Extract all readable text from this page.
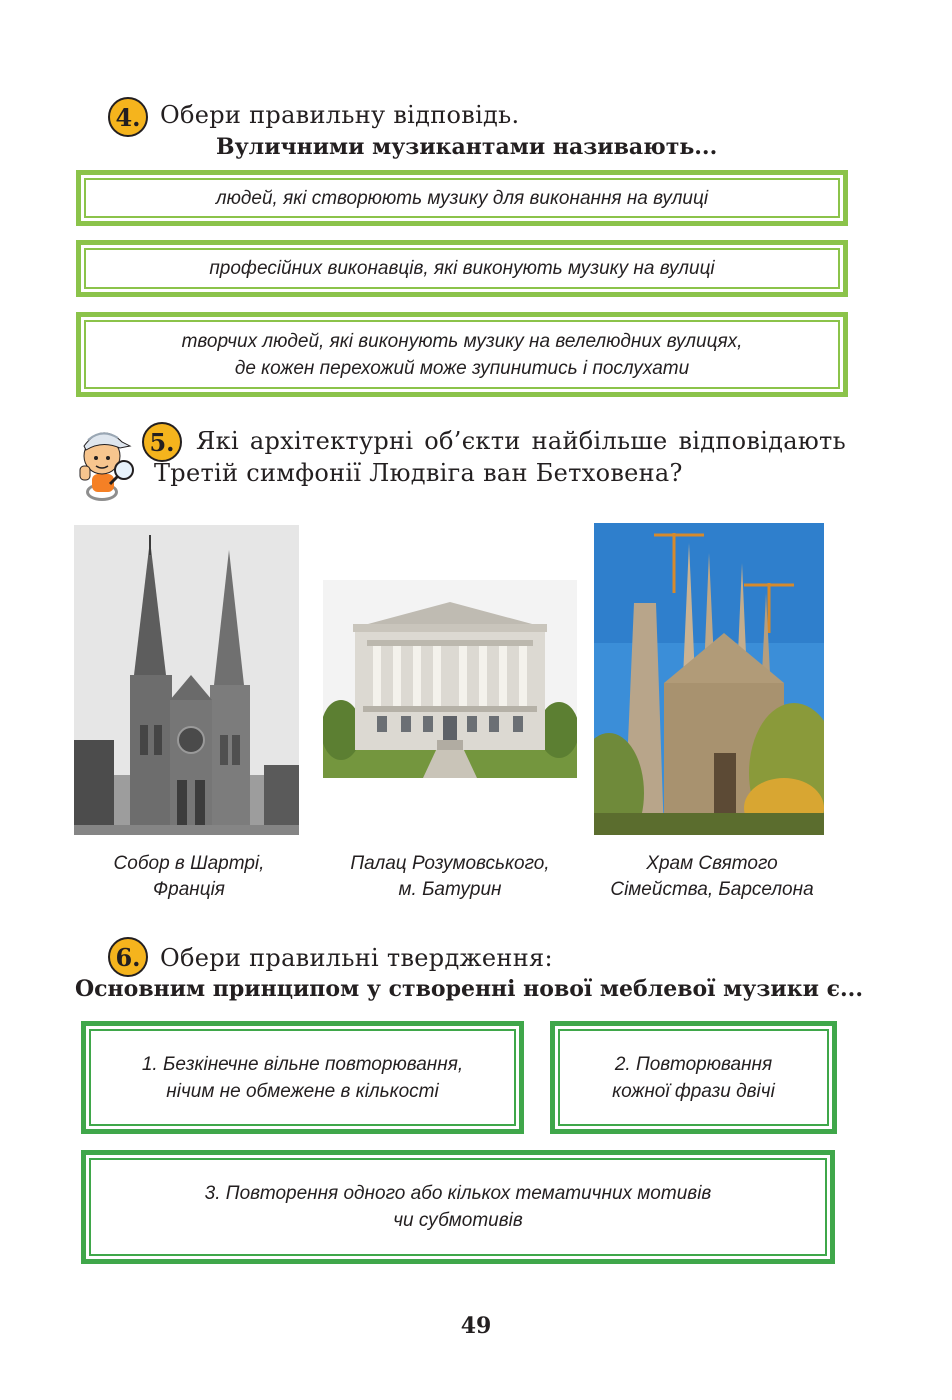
4. Обери правильну відповідь.
Вуличними музикантами називають...
людей, які створюють музику для виконання на вулиці
професійних виконавців, які виконують музику на вулиці
творчих людей, які виконують музику на велелюдних вулицях,
де кожен перехожий може зупинитись і послухати
5. Які архітектурні об’єкти найбільше відповідають
Третій симфонії Людвіга ван Бетховена?
Собор в Шартрі,
Франція
Палац Розумовського,
м. Батурин
Храм Святого
Сімейства, Барселона
6. Обери правильні твердження:
Основним принципом у створенні нової меблевої музики є...
1. Безкінечне вільне повторювання,
нічим не обмежене в кількості
2. Повторювання
кожної фрази двічі
3. Повторення одного або кількох тематичних мотивів
чи субмотивів
49
